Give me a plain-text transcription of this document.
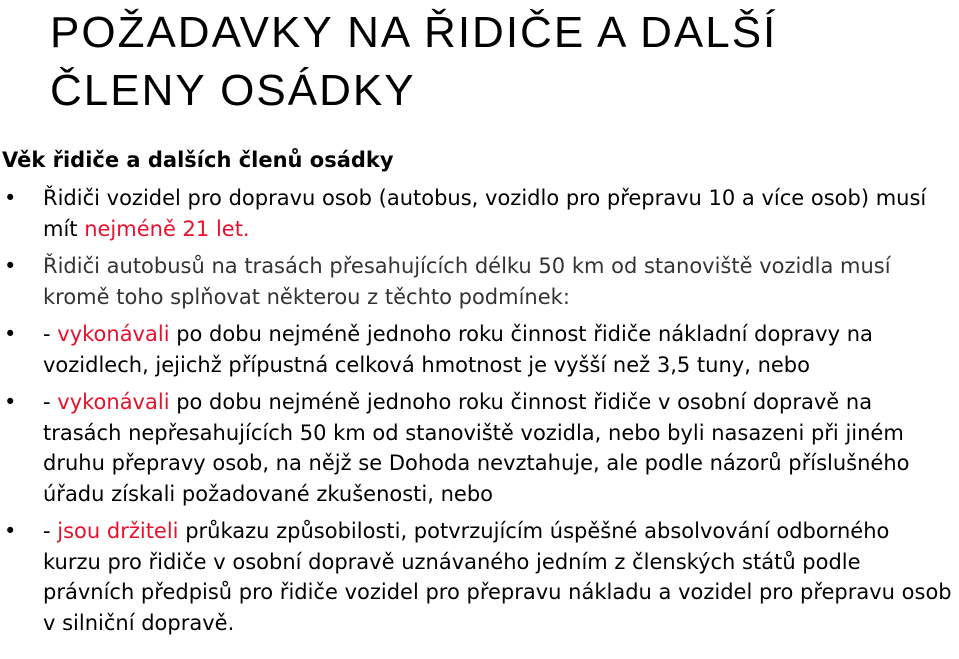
POŽADAVKY NA ŘIDIČE A DALŠÍ
ČLENY OSÁDKY

Věk řidiče a dalších členů osádky

•	Řidiči vozidel pro dopravu osob (autobus, vozidlo pro přepravu 10 a více osob) musí mít nejméně 21 let.
•	Řidiči autobusů na trasách přesahujících délku 50 km od stanoviště vozidla musí kromě toho splňovat některou z těchto podmínek:
•	- vykonávali po dobu nejméně jednoho roku činnost řidiče nákladní dopravy na vozidlech, jejichž přípustná celková hmotnost je vyšší než 3,5 tuny, nebo
•	- vykonávali po dobu nejméně jednoho roku činnost řidiče v osobní dopravě na trasách nepřesahujících 50 km od stanoviště vozidla, nebo byli nasazeni při jiném druhu přepravy osob, na nějž se Dohoda nevztahuje, ale podle názorů příslušného úřadu získali požadované zkušenosti, nebo
•	- jsou držiteli průkazu způsobilosti, potvrzujícím úspěšné absolvování odborného kurzu pro řidiče v osobní dopravě uznávaného jedním z členských států podle právních předpisů pro řidiče vozidel pro přepravu nákladu a vozidel pro přepravu osob v silniční dopravě.
